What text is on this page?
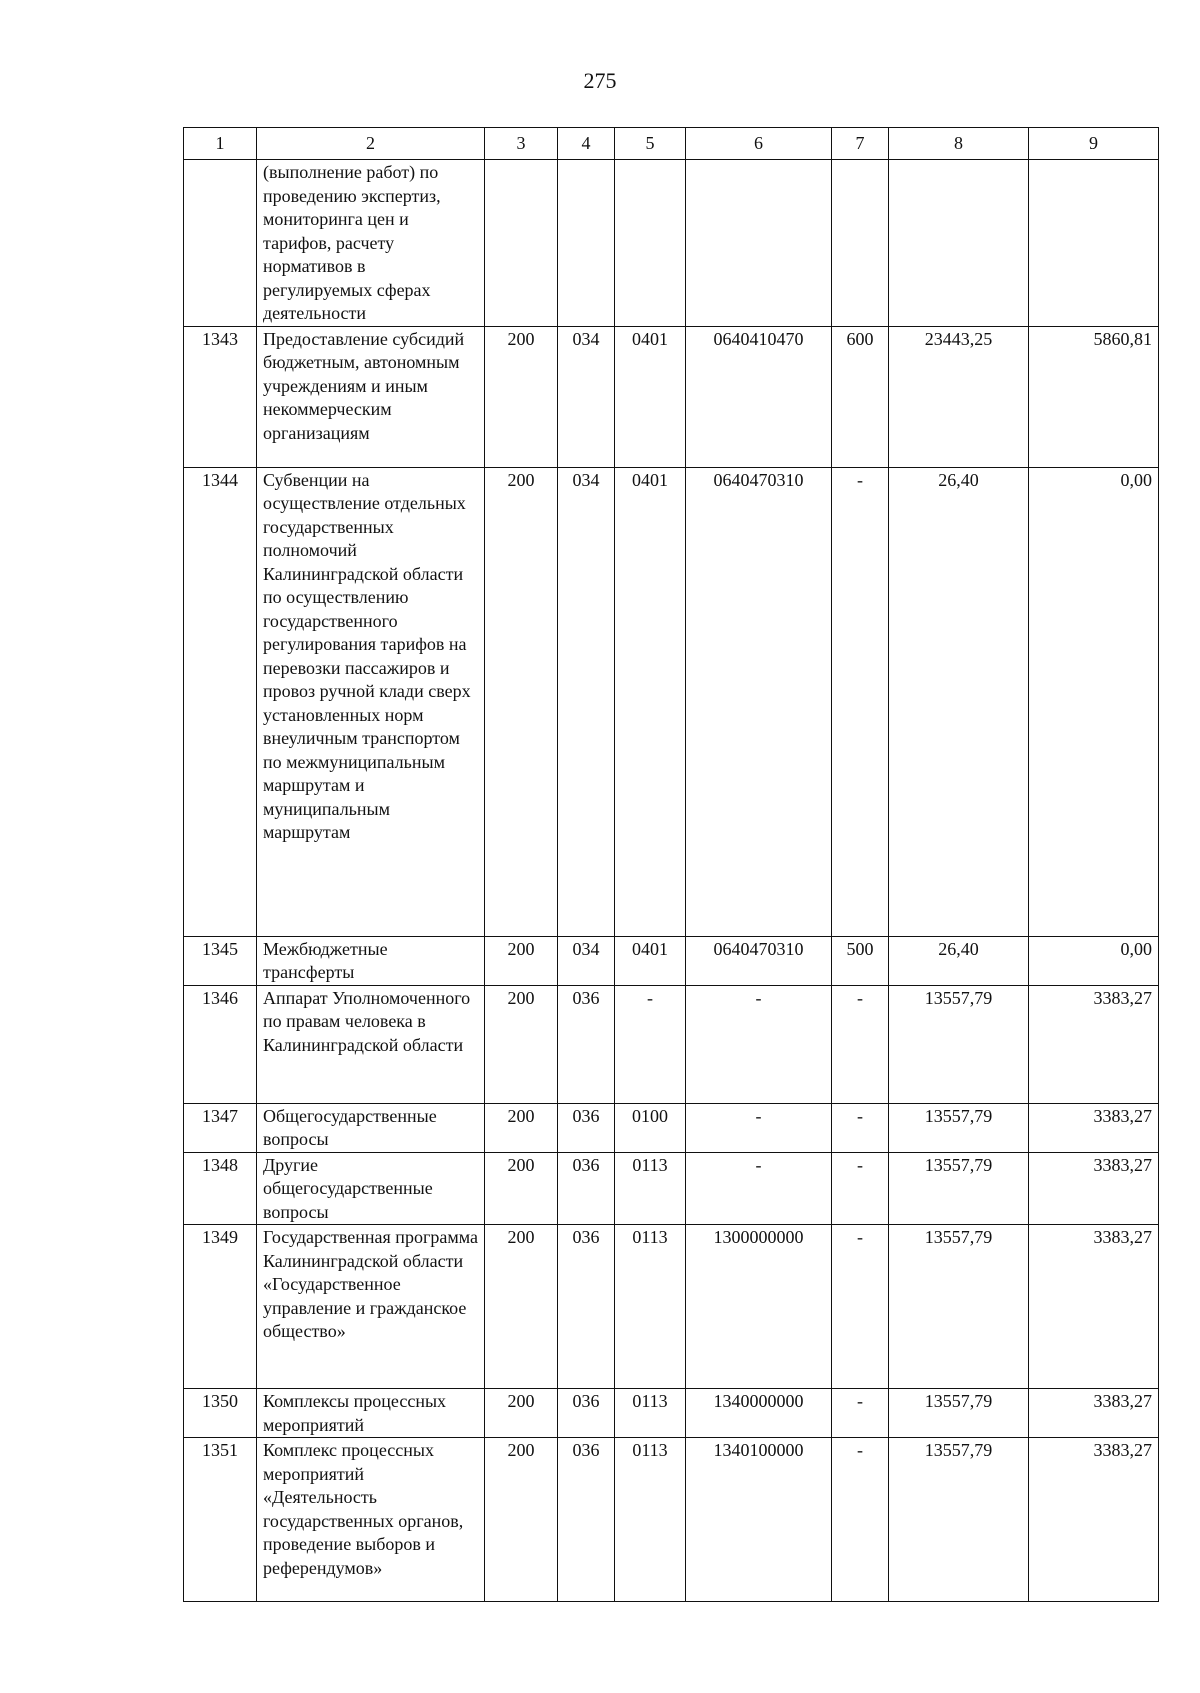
275
1	2	3	4	5	6	7	8	9
	(выполнение работ) по проведению экспертиз, мониторинга цен и тарифов, расчету нормативов в регулируемых сферах деятельности							
1343	Предоставление субсидий бюджетным, автономным учреждениям и иным некоммерческим организациям	200	034	0401	0640410470	600	23443,25	5860,81
1344	Субвенции на осуществление отдельных государственных полномочий Калининградской области по осуществлению государственного регулирования тарифов на перевозки пассажиров и провоз ручной клади сверх установленных норм внеуличным транспортом по межмуниципальным маршрутам и муниципальным маршрутам	200	034	0401	0640470310	-	26,40	0,00
1345	Межбюджетные трансферты	200	034	0401	0640470310	500	26,40	0,00
1346	Аппарат Уполномоченного по правам человека в Калининградской области	200	036	-	-	-	13557,79	3383,27
1347	Общегосударственные вопросы	200	036	0100	-	-	13557,79	3383,27
1348	Другие общегосударственные вопросы	200	036	0113	-	-	13557,79	3383,27
1349	Государственная программа Калининградской области «Государственное управление и гражданское общество»	200	036	0113	1300000000	-	13557,79	3383,27
1350	Комплексы процессных мероприятий	200	036	0113	1340000000	-	13557,79	3383,27
1351	Комплекс процессных мероприятий «Деятельность государственных органов, проведение выборов и референдумов»	200	036	0113	1340100000	-	13557,79	3383,27
